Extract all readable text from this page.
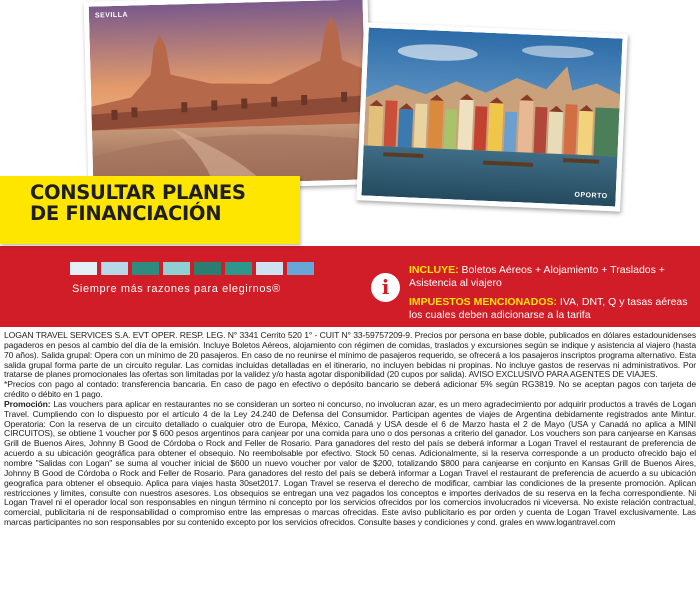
SEVILLA
OPORTO
CONSULTAR PLANES
DE FINANCIACIÓN
Siempre más razones para elegirnos®	i
INCLUYE: Boletos Aéreos + Alojamiento + Traslados + Asistencia al viajero
IMPUESTOS MENCIONADOS: IVA, DNT, Q y tasas aéreas los cuales deben adicionarse a la tarifa

LOGAN TRAVEL SERVICES S.A. EVT OPER. RESP. LEG. N° 3341 Cerrito 520 1° - CUIT N° 33-59757209-9. Precios por persona en base doble, publicados en dólares estadounidenses pagaderos en pesos al cambio del día de la emisión. Incluye Boletos Aéreos, alojamiento con régimen de comidas, traslados y excursiones según se indique y asistencia al viajero (hasta 70 años). Salida grupal: Opera con un mínimo de 20 pasajeros. En caso de no reunirse el mínimo de pasajeros requerido, se ofrecerá a los pasajeros inscriptos programa alternativo. Esta salida grupal forma parte de un circuito regular. Las comidas incluidas detalladas en el itinerario, no incluyen bebidas ni propinas. No incluye gastos de reservas ni administrativos. Por tratarse de planes promocionales las ofertas son limitadas por la validez y/o hasta agotar disponibilidad (20 cupos por salida). AVISO EXCLUSIVO PARA AGENTES DE VIAJES.

*Precios con pago al contado: transferencia bancaria. En caso de pago en efectivo o depósito bancario se deberá adicionar 5% según RG3819. No se aceptan pagos con tarjeta de crédito o débito en 1 pago.

Promoción: Las vouchers para aplicar en restaurantes no se consideran un sorteo ni concurso, no involucran azar, es un mero agradecimiento por adquirir productos a través de Logan Travel. Cumpliendo con lo dispuesto por el artículo 4 de la Ley 24.240 de Defensa del Consumidor. Participan agentes de viajes de Argentina debidamente registrados ante Mintur. Operatoria: Con la reserva de un circuito detallado o cualquier otro de Europa, México, Canadá y USA desde el 6 de Marzo hasta el 2 de Mayo (USA y Canadá no aplica a MINI CIRCUITOS), se obtiene 1 voucher por $ 600 pesos argentinos para canjear por una comida para uno o dos personas a criterio del ganador. Los vouchers son para canjearse en Kansas Grill de Buenos Aires, Johnny B Good de Córdoba o Rock and Feller de Rosario. Para ganadores del resto del país se deberá informar a Logan Travel el restaurant de preferencia de acuerdo a su ubicación geográfica para obtener el obsequio. No reembolsable por efectivo. Stock 50 cenas. Adicionalmente, si la reserva corresponde a un producto ofrecido bajo el nombre "Salidas con Logan" se suma al voucher inicial de $600 un nuevo voucher por valor de $200, totalizando $800 para canjearse en conjunto en Kansas Grill de Buenos Aires, Johnny B Good de Córdoba o Rock and Feller de Rosario. Para ganadores del resto del país se deberá informar a Logan Travel el restaurant de preferencia de acuerdo a su ubicación geografica para obtener el obsequio. Aplica para viajes hasta 30set2017. Logan Travel se reserva el derecho de modificar, cambiar las condiciones de la presente promoción. Aplican restricciones y limites, consulte con nuestros asesores. Los obsequios se entregan una vez pagados los conceptos e importes derivados de su reserva en la fecha correspondiente. Ni Logan Travel ni el operador local son responsables en ningun término ni concepto por los servicios ofrecidos por los comercios involucrados ni viceversa. No existe relación contractual, comercial, publicitaria ni de responsabilidad o compromiso entre las empresas o marcas ofrecidas. Este aviso publicitario es por orden y cuenta de Logan Travel exclusivamente. Las marcas participantes no son responsables por su contenido excepto por los servicios ofrecidos. Consulte bases y condiciones y cond. grales en www.logantravel.com
